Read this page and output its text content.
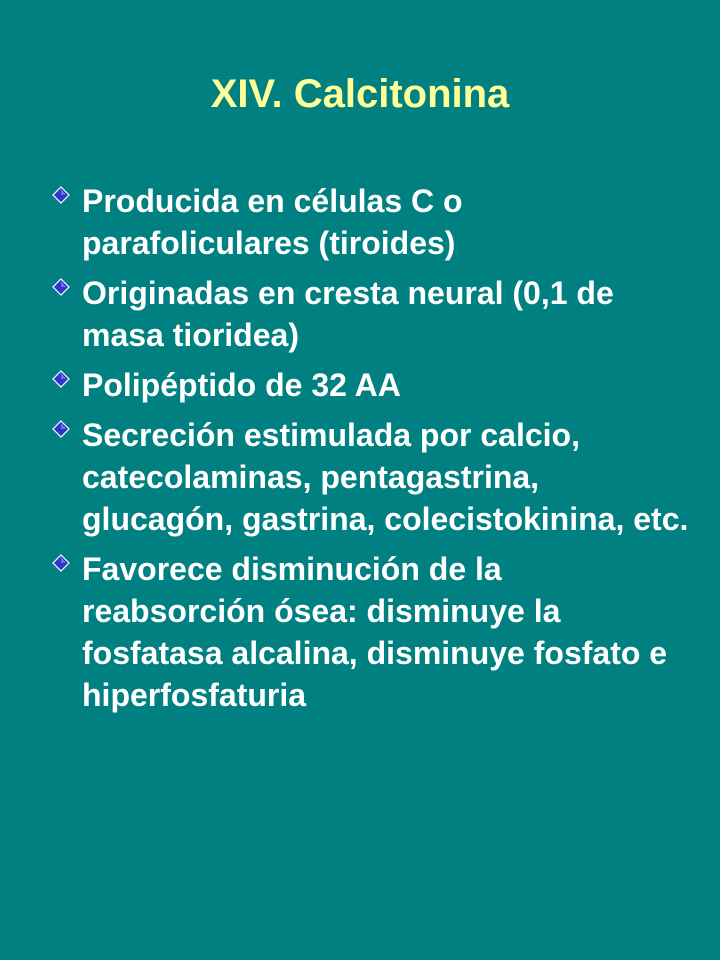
XIV. Calcitonina
Producida en células C o parafoliculares (tiroides)
Originadas en cresta neural (0,1 de masa tioridea)
Polipéptido de 32 AA
Secreción estimulada por calcio, catecolaminas, pentagastrina, glucagón, gastrina, colecistokinina, etc.
Favorece disminución de la reabsorción ósea: disminuye la fosfatasa alcalina, disminuye fosfato e hiperfosfaturia
